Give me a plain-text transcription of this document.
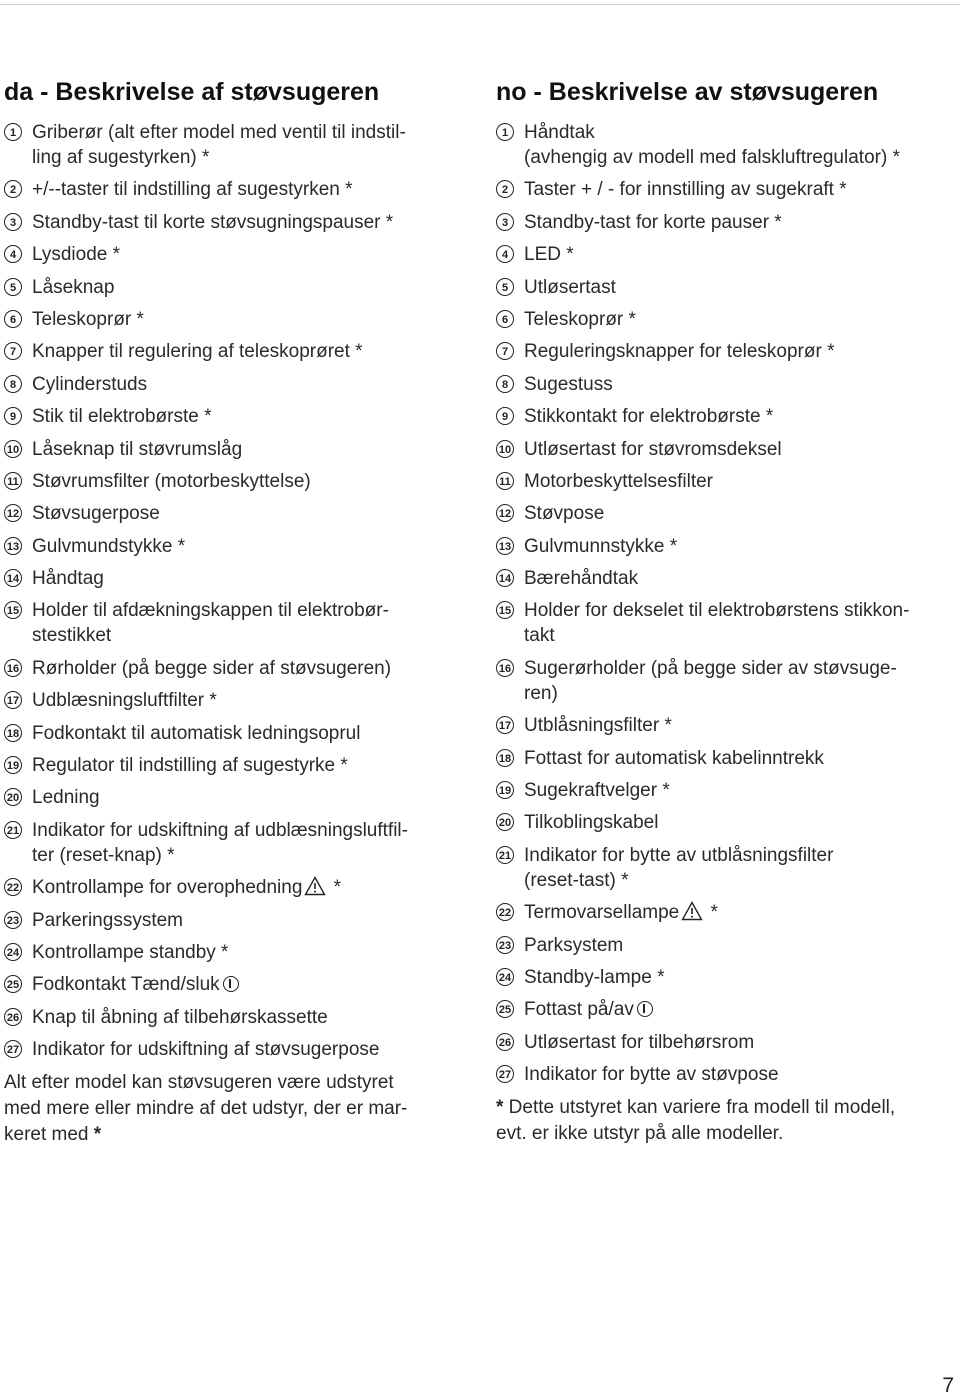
da - Beskrivelse af støvsugeren
1 Griberør (alt efter model med ventil til indstil-
ling af sugestyrken) *
2 +/--taster til indstilling af sugestyrken *
3 Standby-tast til korte støvsugningspauser *
4 Lysdiode *
5 Låseknap
6 Teleskoprør *
7 Knapper til regulering af teleskoprøret *
8 Cylinderstuds
9 Stik til elektrobørste *
10 Låseknap til støvrumslåg
11 Støvrumsfilter (motorbeskyttelse)
12 Støvsugerpose
13 Gulvmundstykke *
14 Håndtag
15 Holder til afdækningskappen til elektrobør-
stestikket
16 Rørholder (på begge sider af støvsugeren)
17 Udblæsningsluftfilter *
18 Fodkontakt til automatisk ledningsoprul
19 Regulator til indstilling af sugestyrke *
20 Ledning
21 Indikator for udskiftning af udblæsningsluftfil-
ter (reset-knap) *
22 Kontrollampe for overophedning *
23 Parkeringssystem
24 Kontrollampe standby *
25 Fodkontakt Tænd/sluk
26 Knap til åbning af tilbehørskassette
27 Indikator for udskiftning af støvsugerpose

Alt efter model kan støvsugeren være udstyret
med mere eller mindre af det udstyr, der er mar-
keret med *

no - Beskrivelse av støvsugeren
1 Håndtak
(avhengig av modell med falskluftregulator) *
2 Taster + / - for innstilling av sugekraft *
3 Standby-tast for korte pauser *
4 LED *
5 Utløsertast
6 Teleskoprør *
7 Reguleringsknapper for teleskoprør *
8 Sugestuss
9 Stikkontakt for elektrobørste *
10 Utløsertast for støvromsdeksel
11 Motorbeskyttelsesfilter
12 Støvpose
13 Gulvmunnstykke *
14 Bærehåndtak
15 Holder for dekselet til elektrobørstens stikkon-
takt
16 Sugerørholder (på begge sider av støvsuge-
ren)
17 Utblåsningsfilter *
18 Fottast for automatisk kabelinntrekk
19 Sugekraftvelger *
20 Tilkoblingskabel
21 Indikator for bytte av utblåsningsfilter
(reset-tast) *
22 Termovarsellampe *
23 Parksystem
24 Standby-lampe *
25 Fottast på/av
26 Utløsertast for tilbehørsrom
27 Indikator for bytte av støvpose

* Dette utstyret kan variere fra modell til modell,
evt. er ikke utstyr på alle modeller.

7
